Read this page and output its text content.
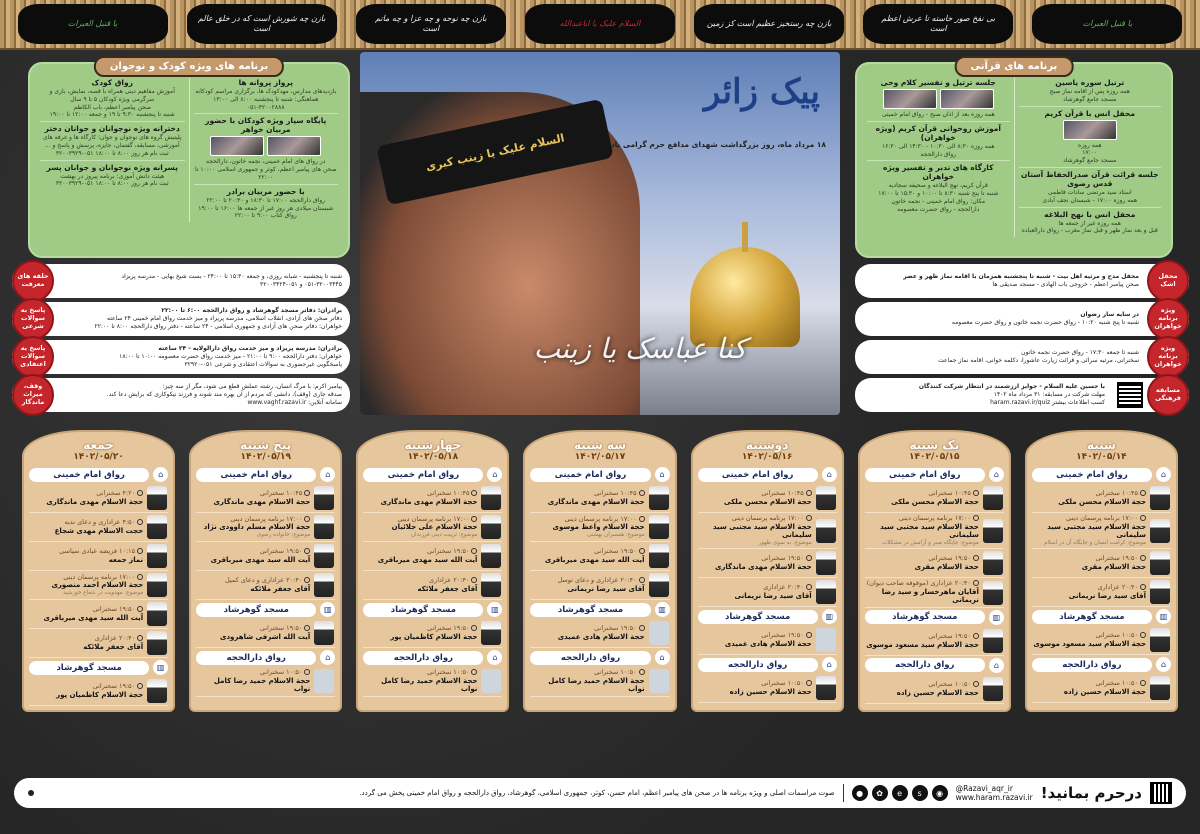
یا قتیل العبرات
بازن چه شورش است که در خلق عالم است
بازن چه نوحه و چه عزا و چه ماتم است
السلام علیک یا اباعبدالله	بازن چه رستخیز عظیم است کز زمین
بی نفخ صور خاسته تا عرش اعظم است
یا قتیل العبرات
برنامه های ویژه کودک و نوجوان
پرواز پروانه ها

بازدیدهای مدارس، مهدکودک ها، برگزاری مراسم کودکانه

هماهنگی: شنبه تا پنجشنبه ۸:۰۰ الی ۱۳:۰۰

۰۵۱-۳۲۰۰۲۸۸۸

پایگاه سیار ویژه کودکان با حضور مربیان خواهر

در رواق های امام خمینی، نجمه خاتون، دارالحجه

صحن های پیامبر اعظم، کوثر و جمهوری اسلامی ۱۰:۰۰ تا ۲۲:۰۰

با حضور مربیان برادر

رواق دارالحجه ۱۷:۰۰ تا ۱۸:۳۰ و ۲۰:۳۰ تا ۲۲:۰۰

شبستان میلادی هر روز غیر از جمعه ها ۱۶:۰۰ تا ۱۹:۰۰

رواق کتاب ۹:۰۰ تا ۲۲:۰۰

رواق کودک

آموزش مفاهیم دینی همراه با قصه، نمایش، بازی و سرگرمی ویژه کودکان ۵ تا ۹ سال

صحن پیامبر اعظم، باب الکاظم

شنبه تا پنجشنبه ۹:۳۰ تا ۱۹ و جمعه ۱۲:۰۰ تا ۱۹:۰۰

دخترانه ویژه نوجوانان و جوانان دختر

پلیتیش گروه های نوجوان و جوان؛ کارگاه ها و غرفه های آموزشی، مسابقه، گفتمان، جایزه، پرسش و پاسخ و ...

ثبت نام هر روز ۸:۰۰ تا ۱۸:۰۰ ۰۵۱-۳۲۰۰۳۹۲۹

پسرانه ویژه نوجوانان و جوانان پسر

هیئت دانش آموزی: برنامه پیروز در بهشت

ثبت نام هر روز ۸:۰۰ تا ۱۸:۰۰ ۰۵۱-۳۲۰۰۳۹۲۹

السلام علیک یا زینب کبری
پیک زائر
۱۸ مرداد ماه، روز بزرگداشت شهدای مدافع حرم گرامی باد
کنا عباسک یا زینب
برنامه های قرآنی
ترتیل سوره یاسین

همه روزه پس از اقامه نماز صبح

مسجد جامع گوهرشاد

محفل انس با قرآن کریم

همه روزه

۱۷:۰۰

مسجد جامع گوهرشاد

جلسه قرائت قرآن صدرالحفاظ آستان قدس رضوی

استاد سید مرتضی سادات فاطمی

همه روزه ۱۷:۰۰ - شبستان نجف آبادی

محفل انس با نهج البلاغه

همه روزه غیر از جمعه ها

قبل و بعد نماز ظهر و قبل نماز مغرب - رواق دارالعباده

جلسه ترتیل و تفسیر کلام وحی

همه روزه بعد از اذان صبح - رواق امام خمینی

آموزش روخوانی قرآن کریم (ویژه خواهران)

همه روزه ۸:۳۰ الی ۱۰:۳۰ - ۱۴:۳۰ الی ۱۶:۳۰

رواق دارالحجه

کارگاه های تدبر و تفسیر ویژه خواهران

قرآن کریم، نهج البلاغه و صحیفه سجادیه

شنبه تا پنج شنبه ۸:۳۰ تا ۱۰:۰۰ و ۱۵:۳۰ تا ۱۷:۰۰

مکان: رواق امام خمینی - نجمه خاتون

دارالحجه - رواق حضرت معصومه

حلقه های معرفت
شنبه تا پنجشنبه - شبانه روزی، و جمعه ۱۵:۳۰ تا ۲۴:۰۰ - بست شیخ بهایی - مدرسه پریزاد
۰۵۱-۳۲۰۰۳۴۴۵ و ۰۵۱-۳۲۰۰۳۴۲۴
پاسخ به سوالات شرعی
برادران: دفاتر مسجد گوهرشاد و رواق دارالحجه ۶:۰۰ تا ۲۲:۰۰
دفاتر صحن های آزادی، انقلاب اسلامی، مدرسه پریزاد و میز خدمت رواق امام خمینی ۲۴ ساعته
خواهران: دفاتر صحن های آزادی و جمهوری اسلامی - ۲۴ ساعته - دفتر رواق دارالحجه ۸:۰۰ تا ۲۲:۰۰
پاسخ به سوالات اعتقادی
برادران: مدرسه پریزاد و میز خدمت رواق دارالولایه - ۲۴ ساعته
خواهران: دفتر دارالحجه ۹:۰۰ تا ۲۱:۰۰ - میز خدمت رواق حضرت معصومه ۱۰:۰۰ تا ۱۸:۰۰
پاسخگویی غیرحضوری به سوالات اعتقادی و شرعی ۰۵۱-۳۲۹۲۰
وقف، میراث ماندگار
پیامبر اکرم: با مرگ انسان، رشته عملش قطع می شود، مگر از سه چیز:
صدقه جاری (وقف)، دانشی که مردم از آن بهره مند شوند و فرزند نیکوکاری که برایش دعا کند.
سامانه آنلاین: www.vaghf.razavi.ir
محفل اشک
محفل مدح و مرثیه اهل بیت - شنبه تا پنجشنبه همزمان با اقامه نماز ظهر و عصر
صحن پیامبر اعظم - خروجی باب الهادی - مسجد صدیقی ها
ویژه برنامه خواهران
در سایه سار رضوان
شنبه تا پنج شنبه ۱۰:۲۰ - رواق حضرت نجمه خاتون و رواق حضرت معصومه
ویژه برنامه خواهران
شنبه تا جمعه ۱۷:۳۰ - رواق حضرت نجمه خاتون
سخنرانی، مرثیه سرائی و قرائت زیارت عاشورا، دکلمه خوانی، اقامه نماز جماعت
مسابقه فرهنگی
با حسین علیه السلام - جوایز ارزشمند در انتظار شرکت کنندگان
مهلت شرکت در مسابقه: ۳۱ مرداد ماه ۱۴۰۲
کسب اطلاعات بیشتر haram.razavi.ir/quiz
شنبه
۱۴۰۲/۰۵/۱۴
⌂
رواق امام خمینی
۱۰:۴۵ سخنرانی
حجة الاسلام محسن ملکی
۱۷:۰۰ برنامه پرسمان دینی
حجة الاسلام سید مجتبی سید سلیمانی
موضوع: کرامت انسان و جایگاه آن در اسلام
۱۹:۵۰ سخنرانی
حجة الاسلام مقری
۲۰:۴۰ عزاداری
آقای سید رضا نریمانی
▥
مسجد گوهرشاد
۱۰:۵۰ سخنرانی
حجة الاسلام سید مسعود موسوی
⌂
رواق دارالحجه
۱۰:۵۰ سخنرانی
حجة الاسلام حسین زاده
یک شنبه
۱۴۰۲/۰۵/۱۵
⌂
رواق امام خمینی
۱۰:۴۵ سخنرانی
حجة الاسلام محسن ملکی
۱۷:۰۰ برنامه پرسمان دینی
حجة الاسلام سید مجتبی سید سلیمانی
موضوع: جایگاه صبر و آرامش در مشکلات
۱۹:۵۰ سخنرانی
حجة الاسلام مقری
۲۰:۴۰ عزاداری (موقوفه صاحب دیوان)
آقایان ماهرخسار و سید رضا نریمانی
▥
مسجد گوهرشاد
۱۹:۵۰ سخنرانی
حجة الاسلام سید مسعود موسوی
⌂
رواق دارالحجه
۱۰:۵۰ سخنرانی
حجة الاسلام حسین زاده
دوشنبه
۱۴۰۲/۰۵/۱۶
⌂
رواق امام خمینی
۱۰:۴۵ سخنرانی
حجة الاسلام محسن ملکی
۱۷:۰۰ برنامه پرسمان دینی
حجة الاسلام سید مجتبی سید سلیمانی
موضوع: به سوی ظهور
۱۹:۵۰ سخنرانی
حجة الاسلام مهدی ماندگاری
۲۰:۴۰ عزاداری
آقای سید رضا نریمانی
▥
مسجد گوهرشاد
۱۹:۵۰ سخنرانی
حجة الاسلام هادی عمیدی
⌂
رواق دارالحجه
۱۰:۵۰ سخنرانی
حجة الاسلام حسین زاده
سه شنبه
۱۴۰۲/۰۵/۱۷
⌂
رواق امام خمینی
۱۰:۴۵ سخنرانی
حجة الاسلام مهدی ماندگاری
۱۷:۰۰ برنامه پرسمان دینی
حجة الاسلام واعظ موسوی
موضوع: همسران بهشتی
۱۹:۵۰ سخنرانی
آیت الله سید مهدی میرباقری
۲۰:۴۰ عزاداری و دعای توسل
آقای سید رضا نریمانی
▥
مسجد گوهرشاد
۱۹:۵۰ سخنرانی
حجة الاسلام هادی عمیدی
⌂
رواق دارالحجه
۱۰:۵۰ سخنرانی
حجة الاسلام حمید رضا کامل نواب
چهارشنبه
۱۴۰۲/۰۵/۱۸
⌂
رواق امام خمینی
۱۰:۴۵ سخنرانی
حجة الاسلام مهدی ماندگاری
۱۷:۰۰ برنامه پرسمان دینی
حجة الاسلام علی جلائیان
موضوع: تربیت دینی فرزندان
۱۹:۵۰ سخنرانی
آیت الله سید مهدی میرباقری
۲۰:۴۰ عزاداری
آقای جعفر ملائکه
▥
مسجد گوهرشاد
۱۹:۵۰ سخنرانی
حجة الاسلام کاظمیان پور
⌂
رواق دارالحجه
۱۰:۵۰ سخنرانی
حجة الاسلام حمید رضا کامل نواب
پنج شنبه
۱۴۰۲/۰۵/۱۹
⌂
رواق امام خمینی
۱۰:۴۵ سخنرانی
حجة الاسلام مهدی ماندگاری
۱۷:۰۰ برنامه پرسمان دینی
حجة الاسلام مسلم داوودی نژاد
موضوع: خانواده رضوی
۱۹:۵۰ سخنرانی
آیت الله سید مهدی میرباقری
۲۰:۴۰ عزاداری و دعای کمیل
آقای جعفر ملائکه
▥
مسجد گوهرشاد
۱۹:۵۰ سخنرانی
آیت الله اشرفی شاهرودی
⌂
رواق دارالحجه
۱۰:۵۰ سخنرانی
حجة الاسلام حمید رضا کامل نواب
جمعه
۱۴۰۲/۰۵/۲۰
⌂
رواق امام خمینی
۴:۲۰ سخنرانی
حجة الاسلام مهدی ماندگاری
۴:۵۰ عزاداری و دعای ندبه
حجت الاسلام مهدی شجاع
۱۰:۱۵ فریضه عبادی سیاسی
نماز جمعه
۱۷:۰۰ برنامه پرسمان دینی
حجة الاسلام احمد منصوری
موضوع: مهدویت در شعاع خورشید
۱۹:۵۰ سخنرانی
آیت الله سید مهدی میرباقری
۲۰:۴۰ عزاداری
آقای جعفر ملائکه
▥
مسجد گوهرشاد
۱۹:۵۰ سخنرانی
حجة الاسلام کاظمیان پور
درحرم بمانید!
@Razavi_aqr_ir
www.haram.razavi.ir
●	✿	e	s	◉
صوت مراسمات اصلی و ویژه برنامه ها در صحن های پیامبر اعظم، امام حسن، کوثر، جمهوری اسلامی، گوهرشاد، رواق دارالحجه و رواق امام خمینی پخش می گردد.
